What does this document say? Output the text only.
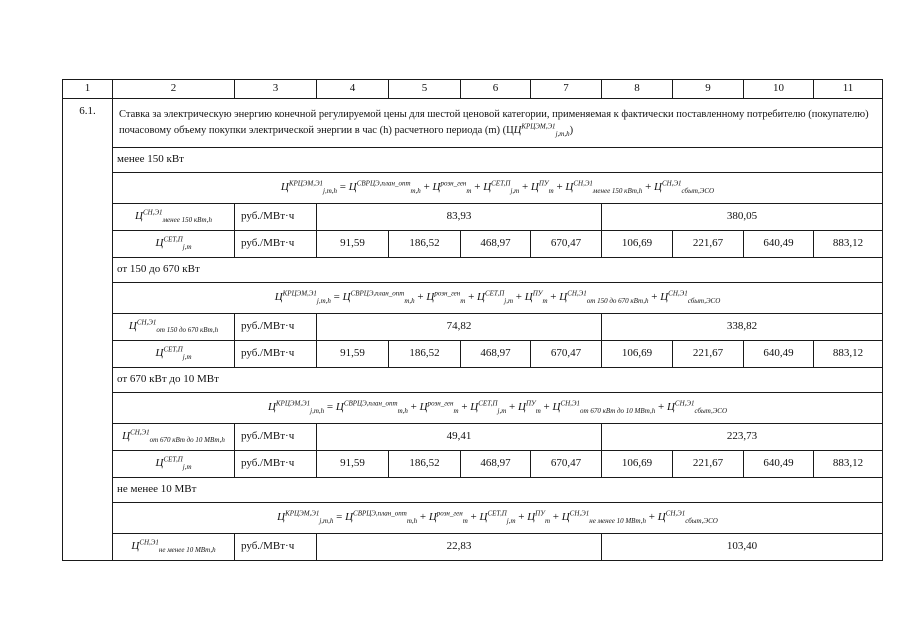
1	2	3	4	5	6	7	8	9	10	11
6.1.	Ставка за электрическую энергию конечной регулируемой цены для шестой ценовой категории, применяемая к фактически поставленному потребителю (покупателю) почасовому объему покупки электрической энергии в час (h) расчетного периода (m) $(ЦЦ^{КРЦЭМ,Э1}_{j,m,h})$									
	менее 150 кВт									
	$Ц^{КРЦЭМ,Э1}_{j,m,h} = Ц^{СВРЦЭ,план\_опт}_{m,h} + Ц^{розн\_ген}_m + Ц^{СЕТ,П}_{j,m} + Ц^{ПУ}_m + Ц^{СН,Э1}_{менее 150 кВт,h} + Ц^{СН,Э1}_{сбыт,ЭСО}$
	$Ц^{СН,Э1}_{менее 150 кВт,h}$	руб./МВт·ч	83,93				380,05			
	$Ц^{СЕТ,П}_{j,m}$	руб./МВт·ч	91,59	186,52	468,97	670,47	106,69	221,67	640,49	883,12
	от 150 до 670 кВт									
	$Ц^{КРЦЭМ,Э1}_{j,m,h} = Ц^{СВРЦЭ,план\_опт}_{m,h} + Ц^{розн\_ген}_m + Ц^{СЕТ,П}_{j,m} + Ц^{ПУ}_m + Ц^{СН,Э1}_{от 150 до 670 кВт,h} + Ц^{СН,Э1}_{сбыт,ЭСО}$
	$Ц^{СН,Э1}_{от 150 до 670 кВт,h}$	руб./МВт·ч	74,82				338,82			
	$Ц^{СЕТ,П}_{j,m}$	руб./МВт·ч	91,59	186,52	468,97	670,47	106,69	221,67	640,49	883,12
	от 670 кВт до 10 МВт									
	$Ц^{КРЦЭМ,Э1}_{j,m,h} = Ц^{СВРЦЭ,план\_опт}_{m,h} + Ц^{розн\_ген}_m + Ц^{СЕТ,П}_{j,m} + Ц^{ПУ}_m + Ц^{СН,Э1}_{от 670 кВт до 10 МВт,h} + Ц^{СН,Э1}_{сбыт,ЭСО}$
	$Ц^{СН,Э1}_{от 670 кВт до 10 МВт,h}$	руб./МВт·ч	49,41				223,73			
	$Ц^{СЕТ,П}_{j,m}$	руб./МВт·ч	91,59	186,52	468,97	670,47	106,69	221,67	640,49	883,12
	не менее 10 МВт									
	$Ц^{КРЦЭМ,Э1}_{j,m,h} = Ц^{СВРЦЭ,план\_опт}_{m,h} + Ц^{розн\_ген}_m + Ц^{СЕТ,П}_{j,m} + Ц^{ПУ}_m + Ц^{СН,Э1}_{не менее 10 МВт,h} + Ц^{СН,Э1}_{сбыт,ЭСО}$
	$Ц^{СН,Э1}_{не менее 10 МВт,h}$	руб./МВт·ч	22,83				103,40			
